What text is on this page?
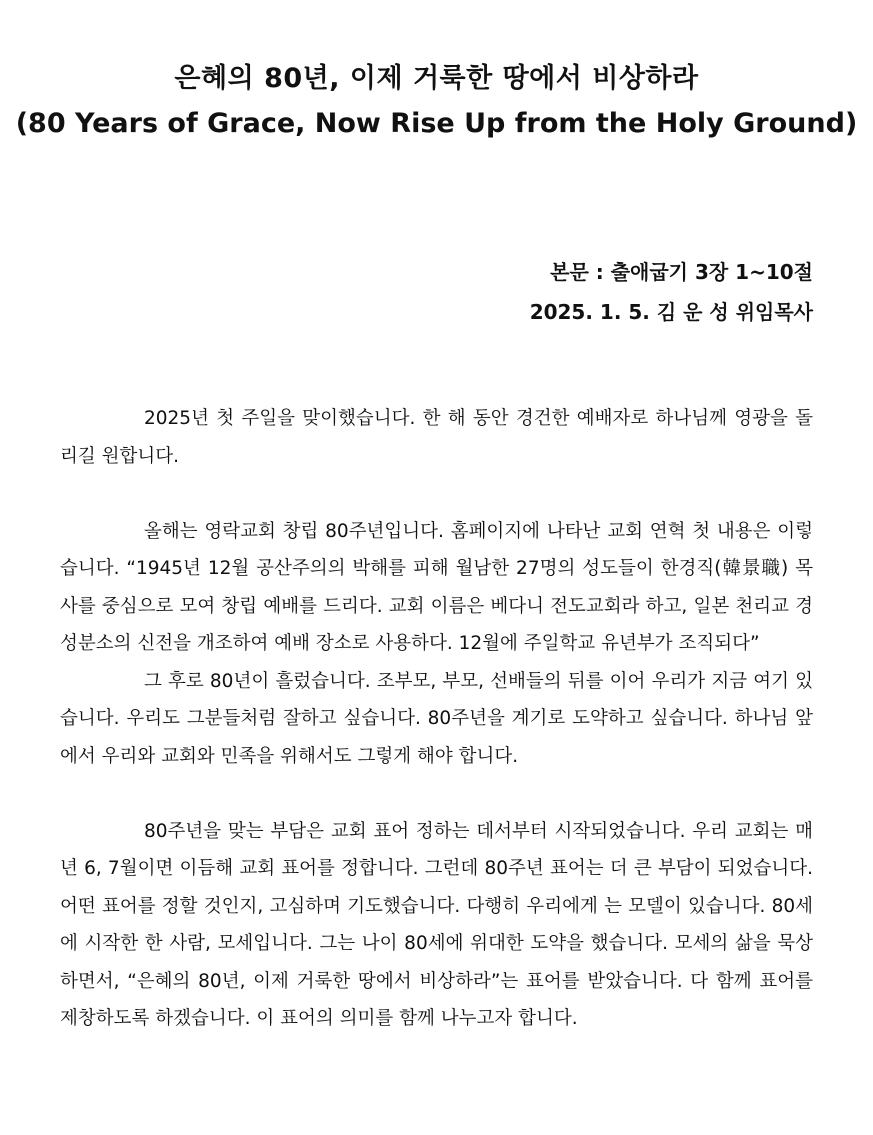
은혜의 80년, 이제 거룩한 땅에서 비상하라
(80 Years of Grace, Now Rise Up from the Holy Ground)
본문 : 출애굽기 3장 1~10절
2025. 1. 5. 김 운 성 위임목사

2025년 첫 주일을 맞이했습니다. 한 해 동안 경건한 예배자로 하나님께 영광을 돌리길 원합니다.

올해는 영락교회 창립 80주년입니다. 홈페이지에 나타난 교회 연혁 첫 내용은 이렇습니다. “1945년 12월 공산주의의 박해를 피해 월남한 27명의 성도들이 한경직(韓景職) 목사를 중심으로 모여 창립 예배를 드리다. 교회 이름은 베다니 전도교회라 하고, 일본 천리교 경성분소의 신전을 개조하여 예배 장소로 사용하다. 12월에 주일학교 유년부가 조직되다”

그 후로 80년이 흘렀습니다. 조부모, 부모, 선배들의 뒤를 이어 우리가 지금 여기 있습니다. 우리도 그분들처럼 잘하고 싶습니다. 80주년을 계기로 도약하고 싶습니다. 하나님 앞에서 우리와 교회와 민족을 위해서도 그렇게 해야 합니다.

80주년을 맞는 부담은 교회 표어 정하는 데서부터 시작되었습니다. 우리 교회는 매년 6, 7월이면 이듬해 교회 표어를 정합니다. 그런데 80주년 표어는 더 큰 부담이 되었습니다. 어떤 표어를 정할 것인지, 고심하며 기도했습니다. 다행히 우리에게 는 모델이 있습니다. 80세에 시작한 한 사람, 모세입니다. 그는 나이 80세에 위대한 도약을 했습니다. 모세의 삶을 묵상하면서, “은혜의 80년, 이제 거룩한 땅에서 비상하라”는 표어를 받았습니다. 다 함께 표어를 제창하도록 하겠습니다. 이 표어의 의미를 함께 나누고자 합니다.
